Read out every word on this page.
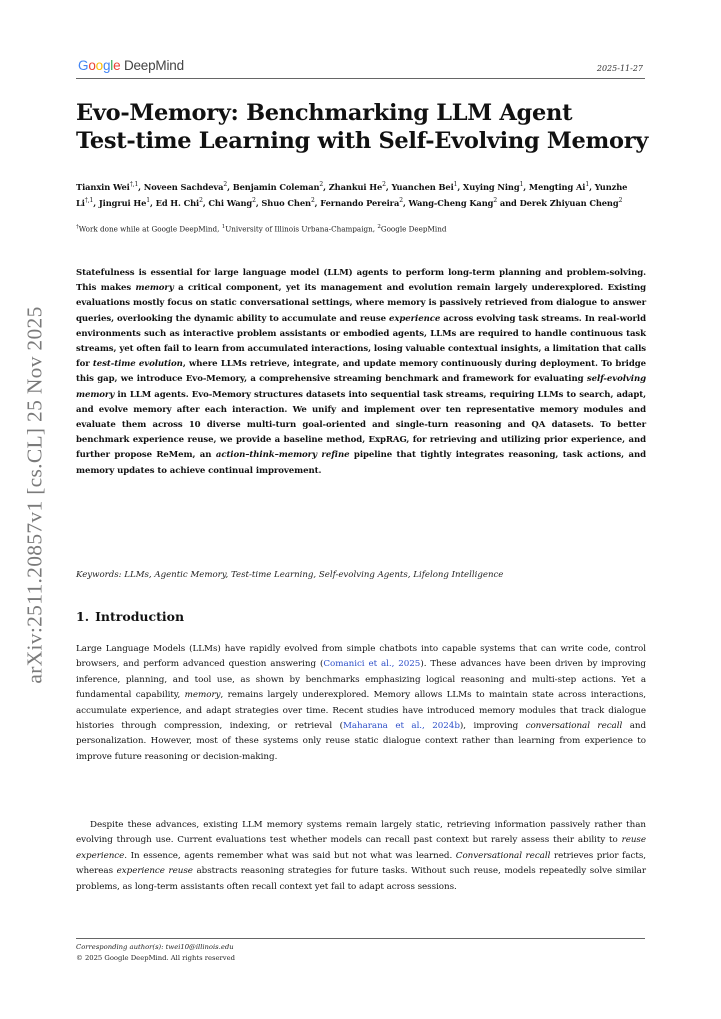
Google DeepMind	2025-11-27
arXiv:2511.20857v1 [cs.CL] 25 Nov 2025
Evo-Memory: Benchmarking LLM Agent
Test-time Learning with Self-Evolving Memory
Tianxin Wei$^{\dagger,1}$, Noveen Sachdeva$^2$, Benjamin Coleman$^2$, Zhankui He$^2$, Yuanchen Bei$^1$, Xuying Ning$^1$, Mengting Ai$^1$, Yunzhe $Li^{\dagger,1}$, Jingrui He$^1$, Ed H. Chi$^2$, Chi Wang$^2$, Shuo Chen$^2$, Fernando Pereira$^2$, Wang-Cheng Kang$^2$ and Derek Zhiyuan Cheng$^2$
†Work done while at Google DeepMind, $^1$University of Illinois Urbana-Champaign, $^2$Google DeepMind
Statefulness is essential for large language model (LLM) agents to perform long-term planning and problem-solving. This makes memory a critical component, yet its management and evolution remain largely underexplored. Existing evaluations mostly focus on static conversational settings, where memory is passively retrieved from dialogue to answer queries, overlooking the dynamic ability to accumulate and reuse experience across evolving task streams. In real-world environments such as interactive problem assistants or embodied agents, LLMs are required to handle continuous task streams, yet often fail to learn from accumulated interactions, losing valuable contextual insights, a limitation that calls for test-time evolution, where LLMs retrieve, integrate, and update memory continuously during deployment. To bridge this gap, we introduce Evo-Memory, a comprehensive streaming benchmark and framework for evaluating self-evolving memory in LLM agents. Evo-Memory structures datasets into sequential task streams, requiring LLMs to search, adapt, and evolve memory after each interaction. We unify and implement over ten representative memory modules and evaluate them across 10 diverse multi-turn goal-oriented and single-turn reasoning and QA datasets. To better benchmark experience reuse, we provide a baseline method, ExpRAG, for retrieving and utilizing prior experience, and further propose ReMem, an action–think–memory refine pipeline that tightly integrates reasoning, task actions, and memory updates to achieve continual improvement.
Keywords: LLMs, Agentic Memory, Test-time Learning, Self-evolving Agents, Lifelong Intelligence
1. Introduction
Large Language Models (LLMs) have rapidly evolved from simple chatbots into capable systems that can write code, control browsers, and perform advanced question answering (Comanici et al., 2025). These advances have been driven by improving inference, planning, and tool use, as shown by benchmarks emphasizing logical reasoning and multi-step actions. Yet a fundamental capability, memory, remains largely underexplored. Memory allows LLMs to maintain state across interactions, accumulate experience, and adapt strategies over time. Recent studies have introduced memory modules that track dialogue histories through compression, indexing, or retrieval (Maharana et al., 2024b), improving conversational recall and personalization. However, most of these systems only reuse static dialogue context rather than learning from experience to improve future reasoning or decision-making.
Despite these advances, existing LLM memory systems remain largely static, retrieving information passively rather than evolving through use. Current evaluations test whether models can recall past context but rarely assess their ability to reuse experience. In essence, agents remember what was said but not what was learned. Conversational recall retrieves prior facts, whereas experience reuse abstracts reasoning strategies for future tasks. Without such reuse, models repeatedly solve similar problems, as long-term assistants often recall context yet fail to adapt across sessions.
Corresponding author(s): twei10@illinois.edu
© 2025 Google DeepMind. All rights reserved
